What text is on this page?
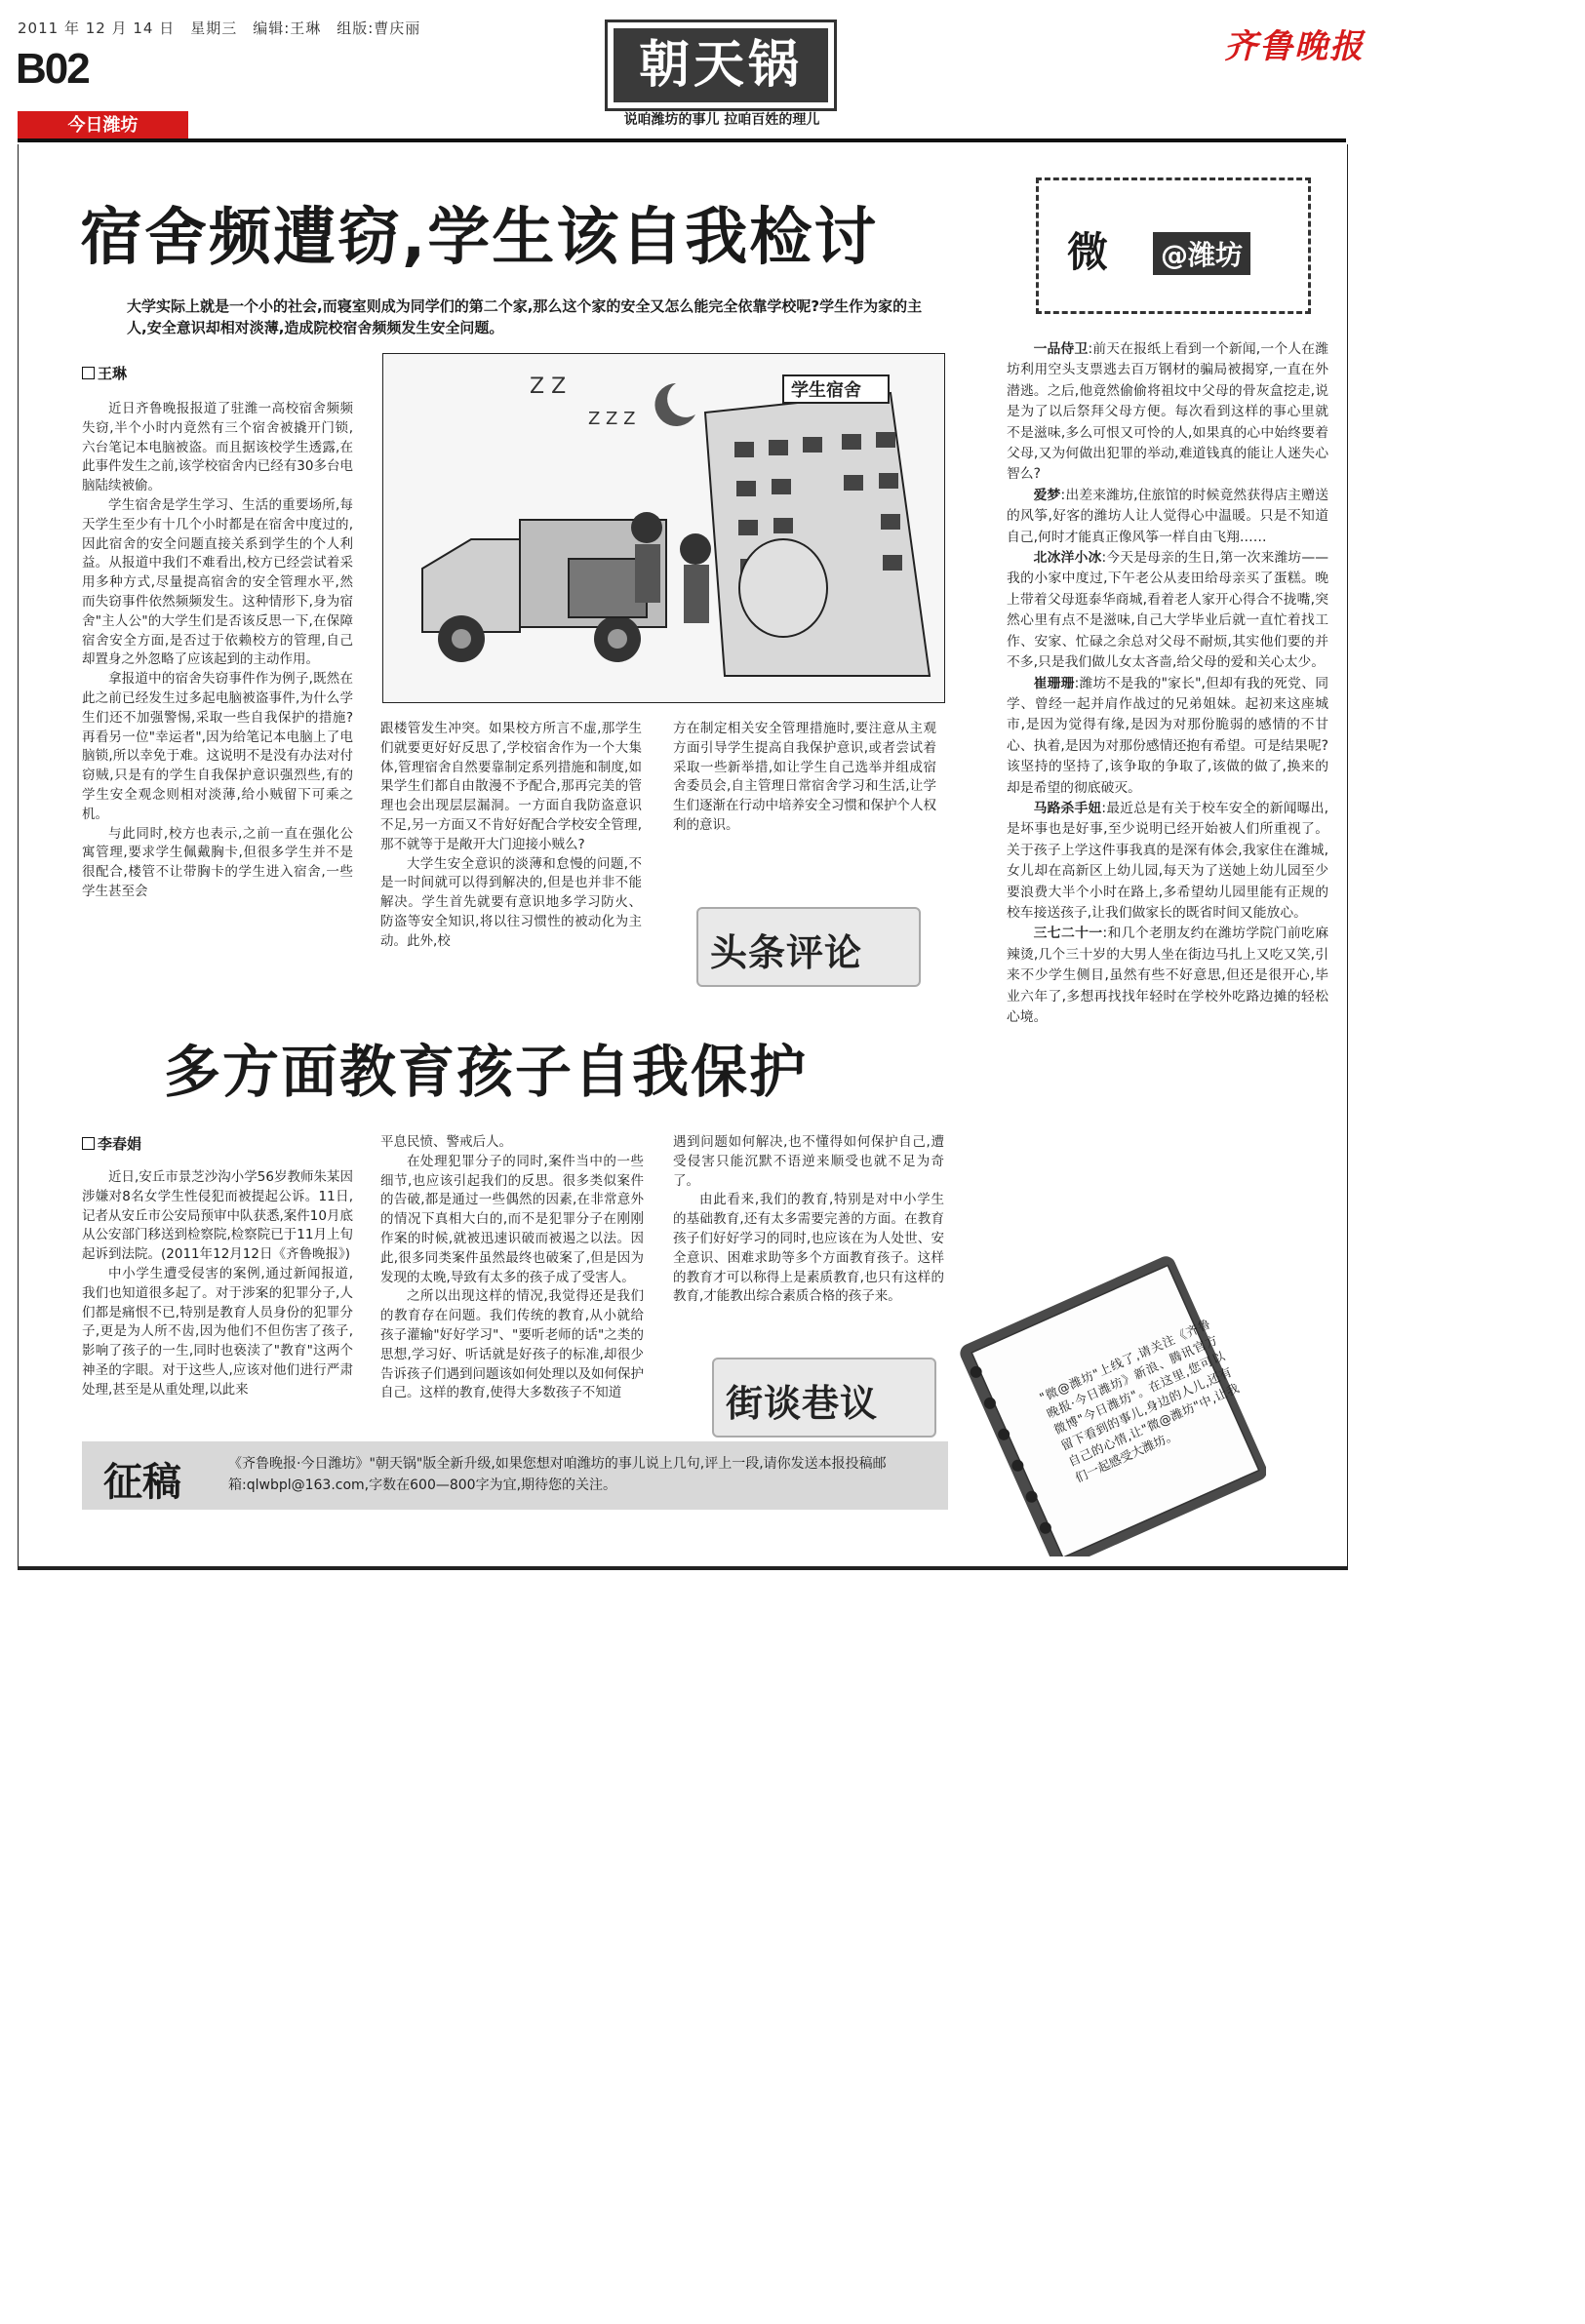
2011 年 12 月 14 日　星期三　编辑:王琳　组版:曹庆丽
B02
今日潍坊
朝天锅
说咱潍坊的事儿 拉咱百姓的理儿
齐鲁晚报
宿舍频遭窃,学生该自我检讨
大学实际上就是一个小的社会,而寝室则成为同学们的第二个家,那么这个家的安全又怎么能完全依靠学校呢?学生作为家的主人,安全意识却相对淡薄,造成院校宿舍频频发生安全问题。
王琳

近日齐鲁晚报报道了驻潍一高校宿舍频频失窃,半个小时内竟然有三个宿舍被撬开门锁,六台笔记本电脑被盗。而且据该校学生透露,在此事件发生之前,该学校宿舍内已经有30多台电脑陆续被偷。

学生宿舍是学生学习、生活的重要场所,每天学生至少有十几个小时都是在宿舍中度过的,因此宿舍的安全问题直接关系到学生的个人利益。从报道中我们不难看出,校方已经尝试着采用多种方式,尽量提高宿舍的安全管理水平,然而失窃事件依然频频发生。这种情形下,身为宿舍"主人公"的大学生们是否该反思一下,在保障宿舍安全方面,是否过于依赖校方的管理,自己却置身之外忽略了应该起到的主动作用。

拿报道中的宿舍失窃事件作为例子,既然在此之前已经发生过多起电脑被盗事件,为什么学生们还不加强警惕,采取一些自我保护的措施?再看另一位"幸运者",因为给笔记本电脑上了电脑锁,所以幸免于难。这说明不是没有办法对付窃贼,只是有的学生自我保护意识强烈些,有的学生安全观念则相对淡薄,给小贼留下可乘之机。

与此同时,校方也表示,之前一直在强化公寓管理,要求学生佩戴胸卡,但很多学生并不是很配合,楼管不让带胸卡的学生进入宿舍,一些学生甚至会

Z Z
Z Z Z
学生宿舍

跟楼管发生冲突。如果校方所言不虚,那学生们就要更好好反思了,学校宿舍作为一个大集体,管理宿舍自然要靠制定系列措施和制度,如果学生们都自由散漫不予配合,那再完美的管理也会出现层层漏洞。一方面自我防盗意识不足,另一方面又不肯好好配合学校安全管理,那不就等于是敞开大门迎接小贼么?

大学生安全意识的淡薄和怠慢的问题,不是一时间就可以得到解决的,但是也并非不能解决。学生首先就要有意识地多学习防火、防盗等安全知识,将以往习惯性的被动化为主动。此外,校

方在制定相关安全管理措施时,要注意从主观方面引导学生提高自我保护意识,或者尝试着采取一些新举措,如让学生自己选举并组成宿舍委员会,自主管理日常宿舍学习和生活,让学生们逐渐在行动中培养安全习惯和保护个人权利的意识。

头条评论
多方面教育孩子自我保护
李春娟

近日,安丘市景芝沙沟小学56岁教师朱某因涉嫌对8名女学生性侵犯而被提起公诉。11日,记者从安丘市公安局预审中队获悉,案件10月底从公安部门移送到检察院,检察院已于11月上旬起诉到法院。(2011年12月12日《齐鲁晚报》)

中小学生遭受侵害的案例,通过新闻报道,我们也知道很多起了。对于涉案的犯罪分子,人们都是痛恨不已,特别是教育人员身份的犯罪分子,更是为人所不齿,因为他们不但伤害了孩子,影响了孩子的一生,同时也亵渎了"教育"这两个神圣的字眼。对于这些人,应该对他们进行严肃处理,甚至是从重处理,以此来

平息民愤、警戒后人。

在处理犯罪分子的同时,案件当中的一些细节,也应该引起我们的反思。很多类似案件的告破,都是通过一些偶然的因素,在非常意外的情况下真相大白的,而不是犯罪分子在刚刚作案的时候,就被迅速识破而被遏之以法。因此,很多同类案件虽然最终也破案了,但是因为发现的太晚,导致有太多的孩子成了受害人。

之所以出现这样的情况,我觉得还是我们的教育存在问题。我们传统的教育,从小就给孩子灌输"好好学习"、"要听老师的话"之类的思想,学习好、听话就是好孩子的标准,却很少告诉孩子们遇到问题该如何处理以及如何保护自己。这样的教育,使得大多数孩子不知道

遇到问题如何解决,也不懂得如何保护自己,遭受侵害只能沉默不语逆来顺受也就不足为奇了。

由此看来,我们的教育,特别是对中小学生的基础教育,还有太多需要完善的方面。在教育孩子们好好学习的同时,也应该在为人处世、安全意识、困难求助等多个方面教育孩子。这样的教育才可以称得上是素质教育,也只有这样的教育,才能教出综合素质合格的孩子来。

街谈巷议
微 @潍坊

一品侍卫:前天在报纸上看到一个新闻,一个人在潍坊利用空头支票逃去百万钢材的骗局被揭穿,一直在外潜逃。之后,他竟然偷偷将祖坟中父母的骨灰盒挖走,说是为了以后祭拜父母方便。每次看到这样的事心里就不是滋味,多么可恨又可怜的人,如果真的心中始终要着父母,又为何做出犯罪的举动,难道钱真的能让人迷失心智么?

爱梦:出差来潍坊,住旅馆的时候竟然获得店主赠送的风筝,好客的潍坊人让人觉得心中温暖。只是不知道自己,何时才能真正像风筝一样自由飞翔……

北冰洋小冰:今天是母亲的生日,第一次来潍坊——我的小家中度过,下午老公从麦田给母亲买了蛋糕。晚上带着父母逛泰华商城,看着老人家开心得合不拢嘴,突然心里有点不是滋味,自己大学毕业后就一直忙着找工作、安家、忙碌之余总对父母不耐烦,其实他们要的并不多,只是我们做儿女太吝啬,给父母的爱和关心太少。

崔珊珊:潍坊不是我的"家长",但却有我的死党、同学、曾经一起并肩作战过的兄弟姐妹。起初来这座城市,是因为觉得有缘,是因为对那份脆弱的感情的不甘心、执着,是因为对那份感情还抱有希望。可是结果呢?该坚持的坚持了,该争取的争取了,该做的做了,换来的却是希望的彻底破灭。

马路杀手妞:最近总是有关于校车安全的新闻曝出,是坏事也是好事,至少说明已经开始被人们所重视了。关于孩子上学这件事我真的是深有体会,我家住在潍城,女儿却在高新区上幼儿园,每天为了送她上幼儿园至少要浪费大半个小时在路上,多希望幼儿园里能有正规的校车接送孩子,让我们做家长的既省时间又能放心。

三七二十一:和几个老朋友约在潍坊学院门前吃麻辣烫,几个三十岁的大男人坐在街边马扎上又吃又笑,引来不少学生侧目,虽然有些不好意思,但还是很开心,毕业六年了,多想再找找年轻时在学校外吃路边摊的轻松心境。

"微@潍坊"上线了,请关注《齐鲁晚报·今日潍坊》新浪、腾讯官方微博"今日潍坊"。在这里,您可以留下看到的事儿,身边的人儿,还有自己的心情,让"微@潍坊"中,让我们一起感受大潍坊。
征稿	《齐鲁晚报·今日潍坊》"朝天锅"版全新升级,如果您想对咱潍坊的事儿说上几句,评上一段,请你发送本报投稿邮箱:qlwbpl@163.com,字数在600—800字为宜,期待您的关注。
